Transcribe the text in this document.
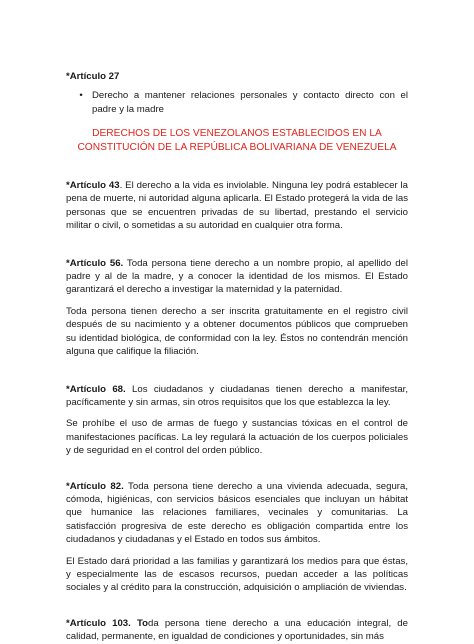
*Artículo 27
• Derecho a mantener relaciones personales y contacto directo con el padre y la madre
DERECHOS DE LOS VENEZOLANOS ESTABLECIDOS EN LA
CONSTITUCIÓN DE LA REPÚBLICA BOLIVARIANA DE VENEZUELA

*Artículo 43. El derecho a la vida es inviolable. Ninguna ley podrá establecer la pena de muerte, ni autoridad alguna aplicarla. El Estado protegerá la vida de las personas que se encuentren privadas de su libertad, prestando el servicio militar o civil, o sometidas a su autoridad en cualquier otra forma.

*Artículo 56. Toda persona tiene derecho a un nombre propio, al apellido del padre y al de la madre, y a conocer la identidad de los mismos. El Estado garantizará el derecho a investigar la maternidad y la paternidad.

Toda persona tienen derecho a ser inscrita gratuitamente en el registro civil después de su nacimiento y a obtener documentos públicos que comprueben su identidad biológica, de conformidad con la ley. Éstos no contendrán mención alguna que califique la filiación.

*Artículo 68. Los ciudadanos y ciudadanas tienen derecho a manifestar, pacíficamente y sin armas, sin otros requisitos que los que establezca la ley.

Se prohíbe el uso de armas de fuego y sustancias tóxicas en el control de manifestaciones pacíficas. La ley regulará la actuación de los cuerpos policiales y de seguridad en el control del orden público.

*Artículo 82. Toda persona tiene derecho a una vivienda adecuada, segura, cómoda, higiénicas, con servicios básicos esenciales que incluyan un hábitat que humanice las relaciones familiares, vecinales y comunitarias. La satisfacción progresiva de este derecho es obligación compartida entre los ciudadanos y ciudadanas y el Estado en todos sus ámbitos.

El Estado dará prioridad a las familias y garantizará los medios para que éstas, y especialmente las de escasos recursos, puedan acceder a las políticas sociales y al crédito para la construcción, adquisición o ampliación de viviendas.

*Artículo 103. Toda persona tiene derecho a una educación integral, de calidad, permanente, en igualdad de condiciones y oportunidades, sin más
